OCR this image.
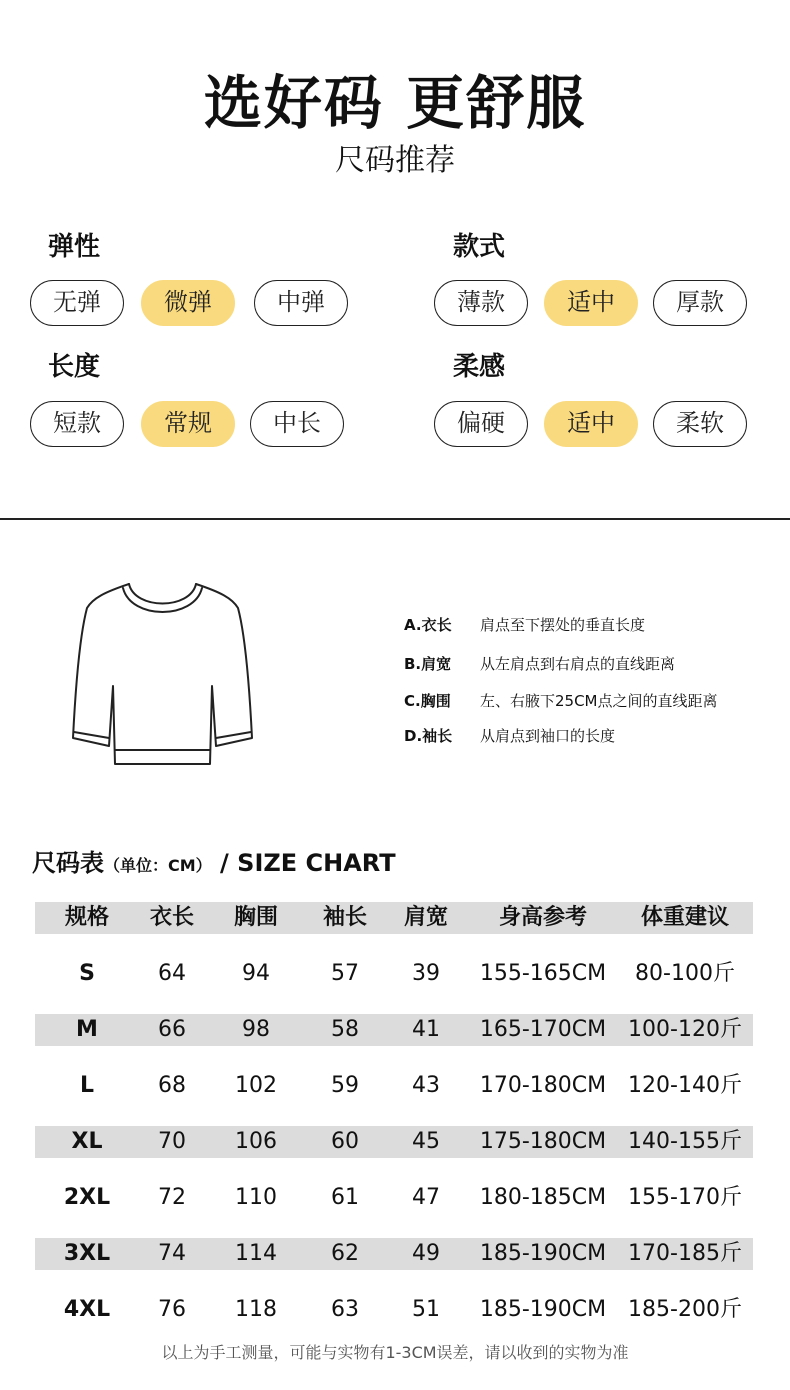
选好码 更舒服
尺码推荐
弹性
无弹	微弹	中弹
款式
薄款	适中	厚款
长度
短款	常规	中长
柔感
偏硬	适中	柔软
A.衣长	肩点至下摆处的垂直长度
B.肩宽	从左肩点到右肩点的直线距离
C.胸围	左、右腋下25CM点之间的直线距离
D.袖长	从肩点到袖口的长度
尺码表（单位：CM） / SIZE CHART
规格	衣长	胸围	袖长	肩宽	身高参考	体重建议
S	64	94	57	39	155-165CM	80-100斤
M	66	98	58	41	165-170CM 100-120斤
L	68	102	59	43	170-180CM 120-140斤
XL	70	106	60	45	175-180CM 140-155斤
2XL	72	110	61	47	180-185CM 155-170斤
3XL	74	114	62	49	185-190CM 170-185斤
4XL	76	118	63	51	185-190CM 185-200斤
以上为手工测量，可能与实物有1-3CM误差，请以收到的实物为准
